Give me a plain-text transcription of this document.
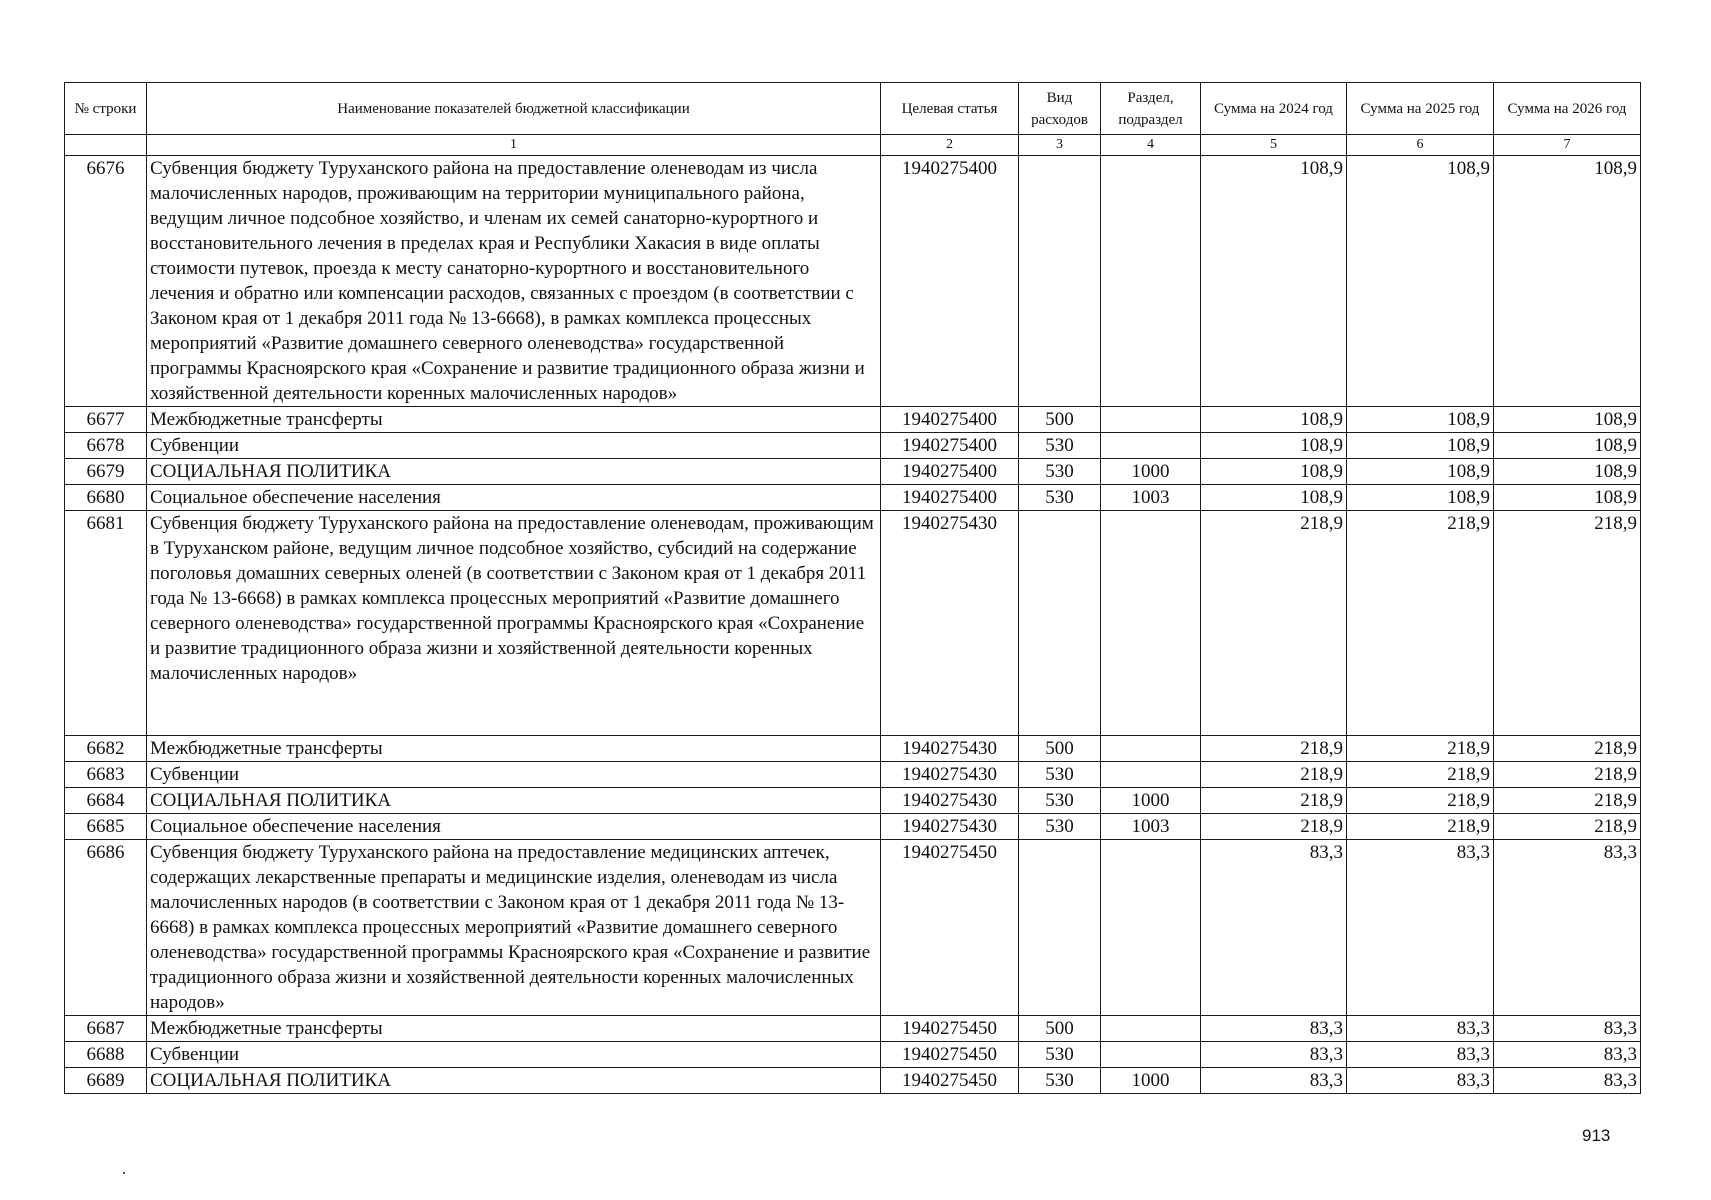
№ строки	Наименование показателей бюджетной классификации	Целевая статья	Вид расходов	Раздел, подраздел	Сумма на 2024 год	Сумма на 2025 год	Сумма на 2026 год
	1	2	3	4	5	6	7
6676	Субвенция бюджету Туруханского района на предоставление оленеводам из числа малочисленных народов, проживающим на территории муниципального района, ведущим личное подсобное хозяйство, и членам их семей санаторно-курортного и восстановительного лечения в пределах края и Республики Хакасия в виде оплаты стоимости путевок, проезда к месту санаторно-курортного и восстановительного лечения и обратно или компенсации расходов, связанных с проездом (в соответствии с Законом края от 1 декабря 2011 года № 13-6668), в рамках комплекса процессных мероприятий «Развитие домашнего северного оленеводства» государственной программы Красноярского края «Сохранение и развитие традиционного образа жизни и хозяйственной деятельности коренных малочисленных народов»	1940275400			108,9	108,9	108,9
6677	Межбюджетные трансферты	1940275400	500		108,9	108,9	108,9
6678	Субвенции	1940275400	530		108,9	108,9	108,9
6679	СОЦИАЛЬНАЯ ПОЛИТИКА	1940275400	530	1000	108,9	108,9	108,9
6680	Социальное обеспечение населения	1940275400	530	1003	108,9	108,9	108,9
6681	Субвенция бюджету Туруханского района на предоставление оленеводам, проживающим в Туруханском районе, ведущим личное подсобное хозяйство, субсидий на содержание поголовья домашних северных оленей (в соответствии с Законом края от 1 декабря 2011 года № 13-6668) в рамках комплекса процессных мероприятий «Развитие домашнего северного оленеводства» государственной программы Красноярского края «Сохранение и развитие традиционного образа жизни и хозяйственной деятельности коренных малочисленных народов»	1940275430			218,9	218,9	218,9
6682	Межбюджетные трансферты	1940275430	500		218,9	218,9	218,9
6683	Субвенции	1940275430	530		218,9	218,9	218,9
6684	СОЦИАЛЬНАЯ ПОЛИТИКА	1940275430	530	1000	218,9	218,9	218,9
6685	Социальное обеспечение населения	1940275430	530	1003	218,9	218,9	218,9
6686	Субвенция бюджету Туруханского района на предоставление медицинских аптечек, содержащих лекарственные препараты и медицинские изделия, оленеводам из числа малочисленных народов (в соответствии с Законом края от 1 декабря 2011 года № 13-6668) в рамках комплекса процессных мероприятий «Развитие домашнего северного оленеводства» государственной программы Красноярского края «Сохранение и развитие традиционного образа жизни и хозяйственной деятельности коренных малочисленных народов»	1940275450			83,3	83,3	83,3
6687	Межбюджетные трансферты	1940275450	500		83,3	83,3	83,3
6688	Субвенции	1940275450	530		83,3	83,3	83,3
6689	СОЦИАЛЬНАЯ ПОЛИТИКА	1940275450	530	1000	83,3	83,3	83,3
913
